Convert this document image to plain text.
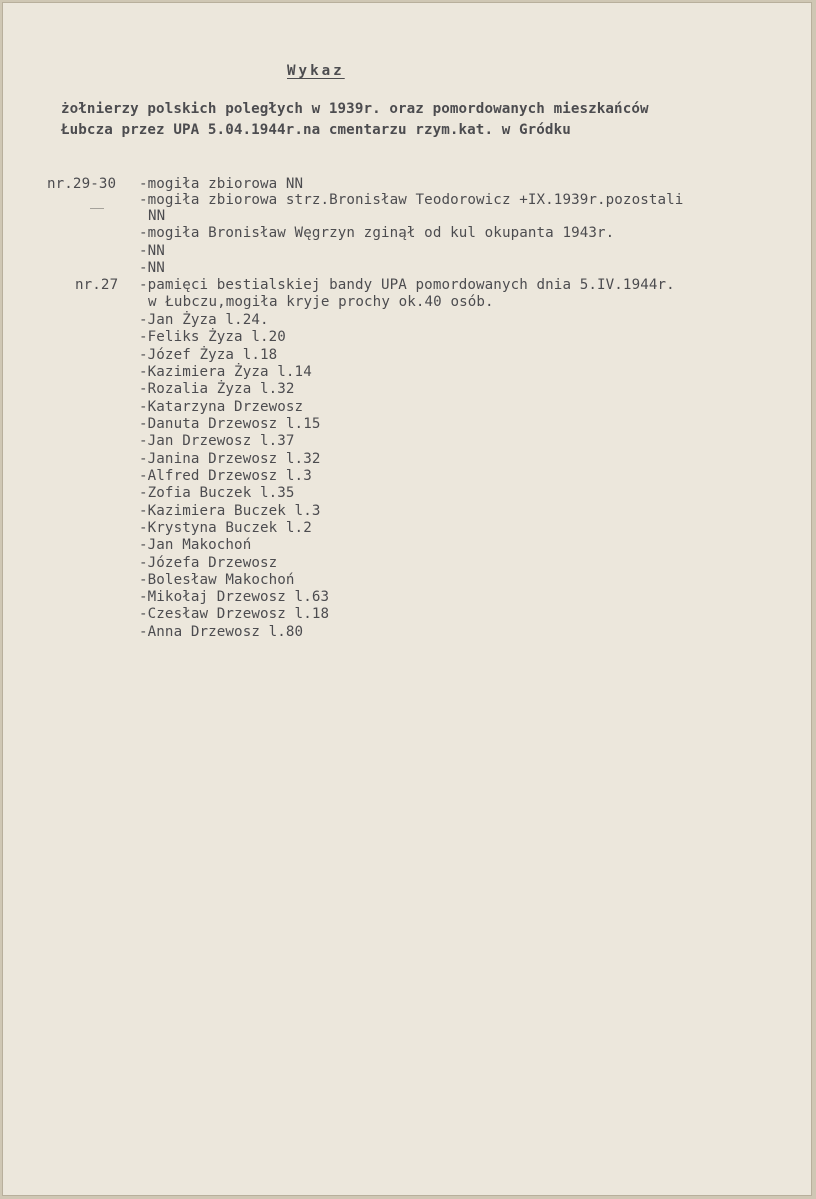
Wykaz
żołnierzy polskich poległych w 1939r. oraz pomordowanych mieszkańców
Łubcza przez UPA 5.04.1944r.na cmentarzu rzym.kat. w Gródku
nr.29-30 -mogiła zbiorowa NN
-mogiła zbiorowa strz.Bronisław Teodorowicz +IX.1939r.pozostali
NN
-mogiła Bronisław Węgrzyn zginął od kul okupanta 1943r.
-NN
-NN
nr.27 -pamięci bestialskiej bandy UPA pomordowanych dnia 5.IV.1944r.
w Łubczu,mogiła kryje prochy ok.40 osób.
-Jan Żyza l.24.
-Feliks Żyza l.20
-Józef Żyza l.18
-Kazimiera Żyza l.14
-Rozalia Żyza l.32
-Katarzyna Drzewosz
-Danuta Drzewosz l.15
-Jan Drzewosz l.37
-Janina Drzewosz l.32
-Alfred Drzewosz l.3
-Zofia Buczek l.35
-Kazimiera Buczek l.3
-Krystyna Buczek l.2
-Jan Makochoń
-Józefa Drzewosz
-Bolesław Makochoń
-Mikołaj Drzewosz l.63
-Czesław Drzewosz l.18
-Anna Drzewosz l.80
